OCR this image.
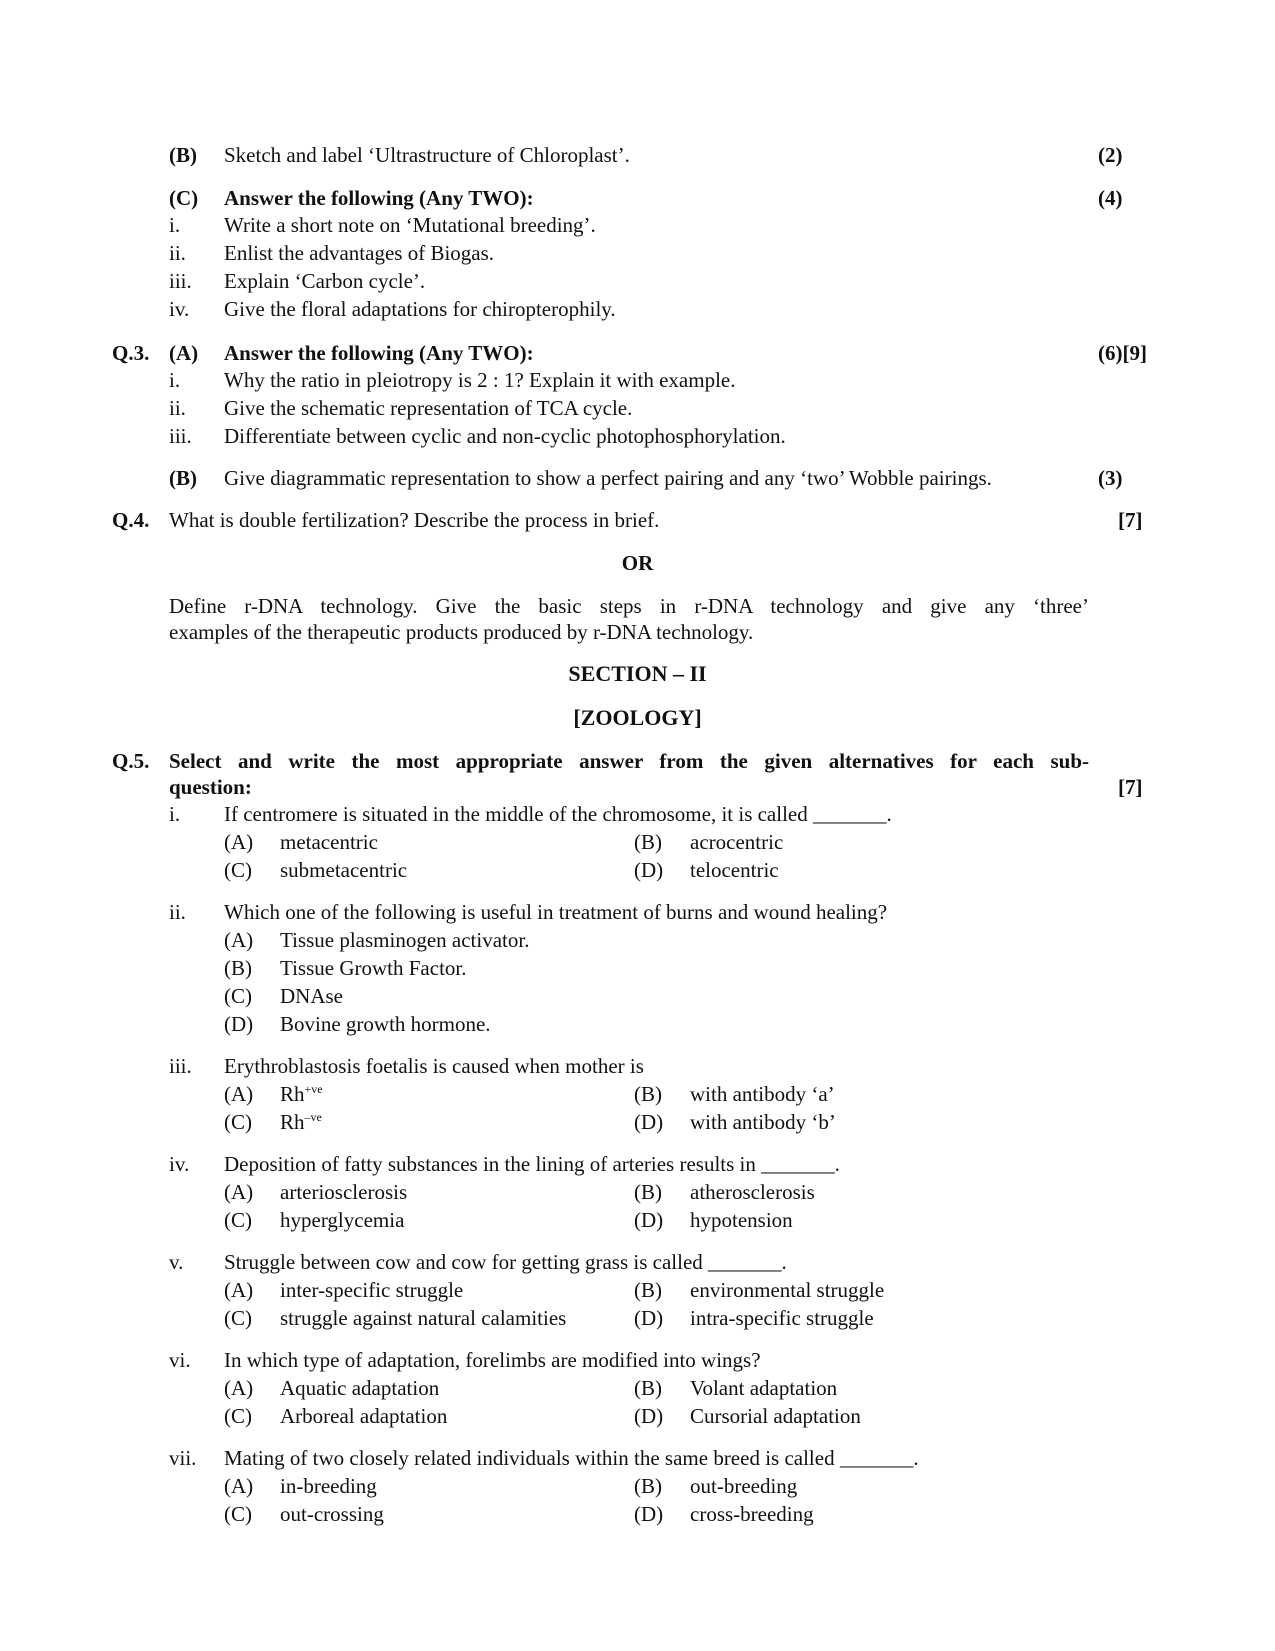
(B) Sketch and label ‘Ultrastructure of Chloroplast’.	(2)
(C) Answer the following (Any TWO):	(4)
i. Write a short note on ‘Mutational breeding’.
ii. Enlist the advantages of Biogas.
iii. Explain ‘Carbon cycle’.
iv. Give the floral adaptations for chiropterophily.
Q.3. (A) Answer the following (Any TWO):	(6)[9]
i. Why the ratio in pleiotropy is 2 : 1? Explain it with example.
ii. Give the schematic representation of TCA cycle.
iii. Differentiate between cyclic and non-cyclic photophosphorylation.
(B) Give diagrammatic representation to show a perfect pairing and any ‘two’ Wobble pairings.	(3)
Q.4. What is double fertilization? Describe the process in brief.	[7]
OR
Define r-DNA technology. Give the basic steps in r-DNA technology and give any ‘three’
examples of the therapeutic products produced by r-DNA technology.
SECTION – II
[ZOOLOGY]
Q.5. Select and write the most appropriate answer from the given alternatives for each sub-
question:	[7]
i. If centromere is situated in the middle of the chromosome, it is called _______.
(A) metacentric	(B) acrocentric
(C) submetacentric	(D) telocentric
ii. Which one of the following is useful in treatment of burns and wound healing?
(A) Tissue plasminogen activator.
(B) Tissue Growth Factor.
(C) DNAse
(D) Bovine growth hormone.
iii. Erythroblastosis foetalis is caused when mother is
(A) $Rh^{+ve}$	(B) with antibody ‘a’
(C) $Rh^{-ve}$	(D) with antibody ‘b’
iv. Deposition of fatty substances in the lining of arteries results in _______.
(A) arteriosclerosis	(B) atherosclerosis
(C) hyperglycemia	(D) hypotension
v. Struggle between cow and cow for getting grass is called _______.
(A) inter-specific struggle	(B) environmental struggle
(C) struggle against natural calamities	(D) intra-specific struggle
vi. In which type of adaptation, forelimbs are modified into wings?
(A) Aquatic adaptation	(B) Volant adaptation
(C) Arboreal adaptation	(D) Cursorial adaptation
vii. Mating of two closely related individuals within the same breed is called _______.
(A) in-breeding	(B) out-breeding
(C) out-crossing	(D) cross-breeding
